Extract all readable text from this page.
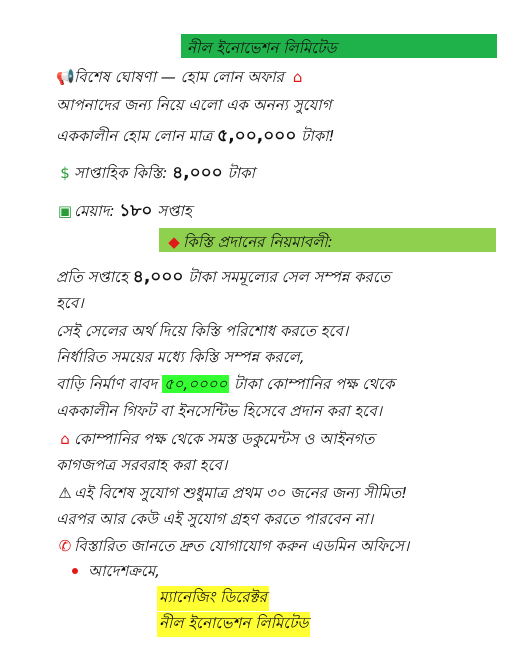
নীল ইনোভেশন লিমিটেড
📢বিশেষ ঘোষণা — হোম লোন অফার ⌂
আপনাদের জন্য নিয়ে এলো এক অনন্য সুযোগ
এককালীন হোম লোন মাত্র ৫,০০,০০০ টাকা!
$ সাপ্তাহিক কিস্তি: ৪,০০০ টাকা
▣ মেয়াদ: ১৮০ সপ্তাহ
◆ কিস্তি প্রদানের নিয়মাবলী:
প্রতি সপ্তাহে ৪,০০০ টাকা সমমূল্যের সেল সম্পন্ন করতে
হবে।
সেই সেলের অর্থ দিয়ে কিস্তি পরিশোধ করতে হবে।
নির্ধারিত সময়ের মধ্যে কিস্তি সম্পন্ন করলে,
বাড়ি নির্মাণ বাবদ ৫০,০০০০ টাকা কোম্পানির পক্ষ থেকে
এককালীন গিফট বা ইনসেন্টিভ হিসেবে প্রদান করা হবে।
⌂ কোম্পানির পক্ষ থেকে সমস্ত ডকুমেন্টস ও আইনগত
কাগজপত্র সরবরাহ করা হবে।
⚠ এই বিশেষ সুযোগ শুধুমাত্র প্রথম ৩০ জনের জন্য সীমিত!
এরপর আর কেউ এই সুযোগ গ্রহণ করতে পারবেন না।
✆ বিস্তারিত জানতে দ্রুত যোগাযোগ করুন এডমিন অফিসে।
আদেশক্রমে,
ম্যানেজিং ডিরেক্টর
নীল ইনোভেশন লিমিটেড
